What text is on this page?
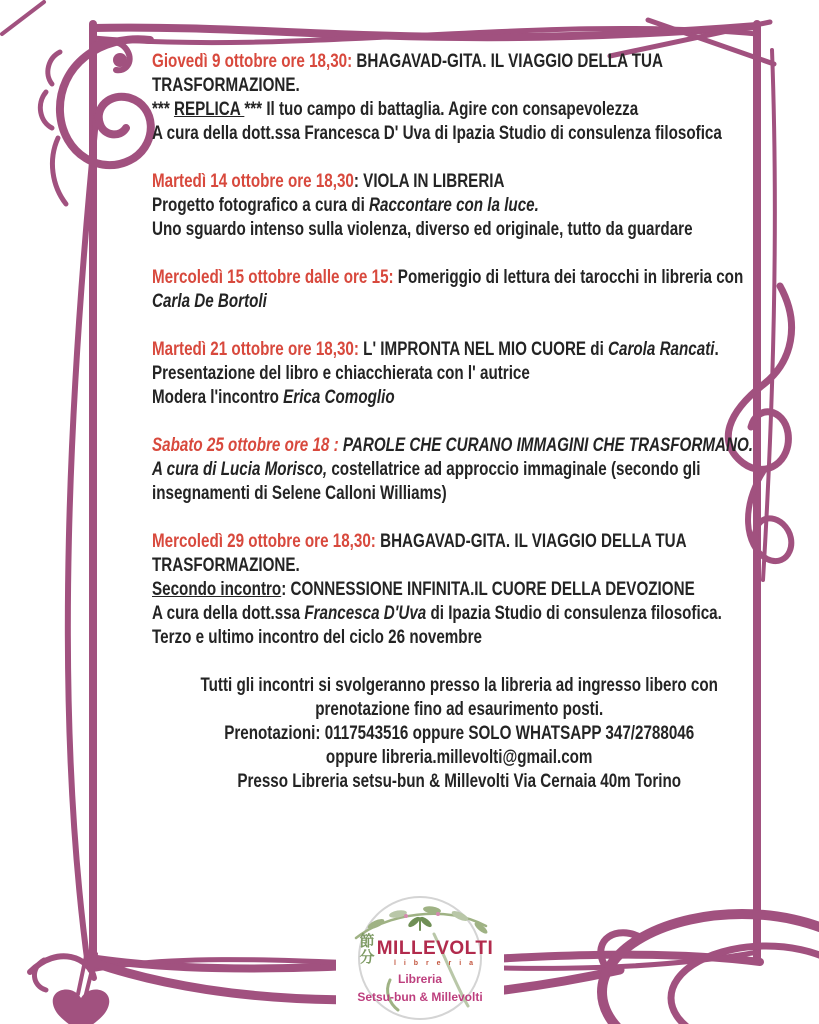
Giovedì 9 ottobre ore 18,30: BHAGAVAD-GITA. IL VIAGGIO DELLA TUA TRASFORMAZIONE.

*** REPLICA *** Il tuo campo di battaglia. Agire con consapevolezza

A cura della dott.ssa Francesca D' Uva di Ipazia Studio di consulenza filosofica

Martedì 14 ottobre ore 18,30: VIOLA IN LIBRERIA

Progetto fotografico a cura di Raccontare con la luce.

Uno sguardo intenso sulla violenza, diverso ed originale, tutto da guardare

Mercoledì 15 ottobre dalle ore 15: Pomeriggio di lettura dei tarocchi in libreria con Carla De Bortoli

Martedì 21 ottobre ore 18,30: L' IMPRONTA NEL MIO CUORE di Carola Rancati. Presentazione del libro e chiacchierata con l' autrice

Modera l'incontro Erica Comoglio

Sabato 25 ottobre ore 18 : PAROLE CHE CURANO IMMAGINI CHE TRASFORMANO. A cura di Lucia Morisco, costellatrice ad approccio immaginale (secondo gli insegnamenti di Selene Calloni Williams)

Mercoledì 29 ottobre ore 18,30: BHAGAVAD-GITA. IL VIAGGIO DELLA TUA TRASFORMAZIONE.

Secondo incontro: CONNESSIONE INFINITA.IL CUORE DELLA DEVOZIONE

A cura della dott.ssa Francesca D'Uva di Ipazia Studio di consulenza filosofica.

Terzo e ultimo incontro del ciclo 26 novembre

Tutti gli incontri si svolgeranno presso la libreria ad ingresso libero con prenotazione fino ad esaurimento posti.

Prenotazioni: 0117543516 oppure SOLO WHATSAPP 347/2788046

oppure libreria.millevolti@gmail.com

Presso Libreria setsu-bun & Millevolti Via Cernaia 40m Torino

節分 MILLEVOLTI
l i b r e r i a
Libreria
Setsu-bun & Millevolti
